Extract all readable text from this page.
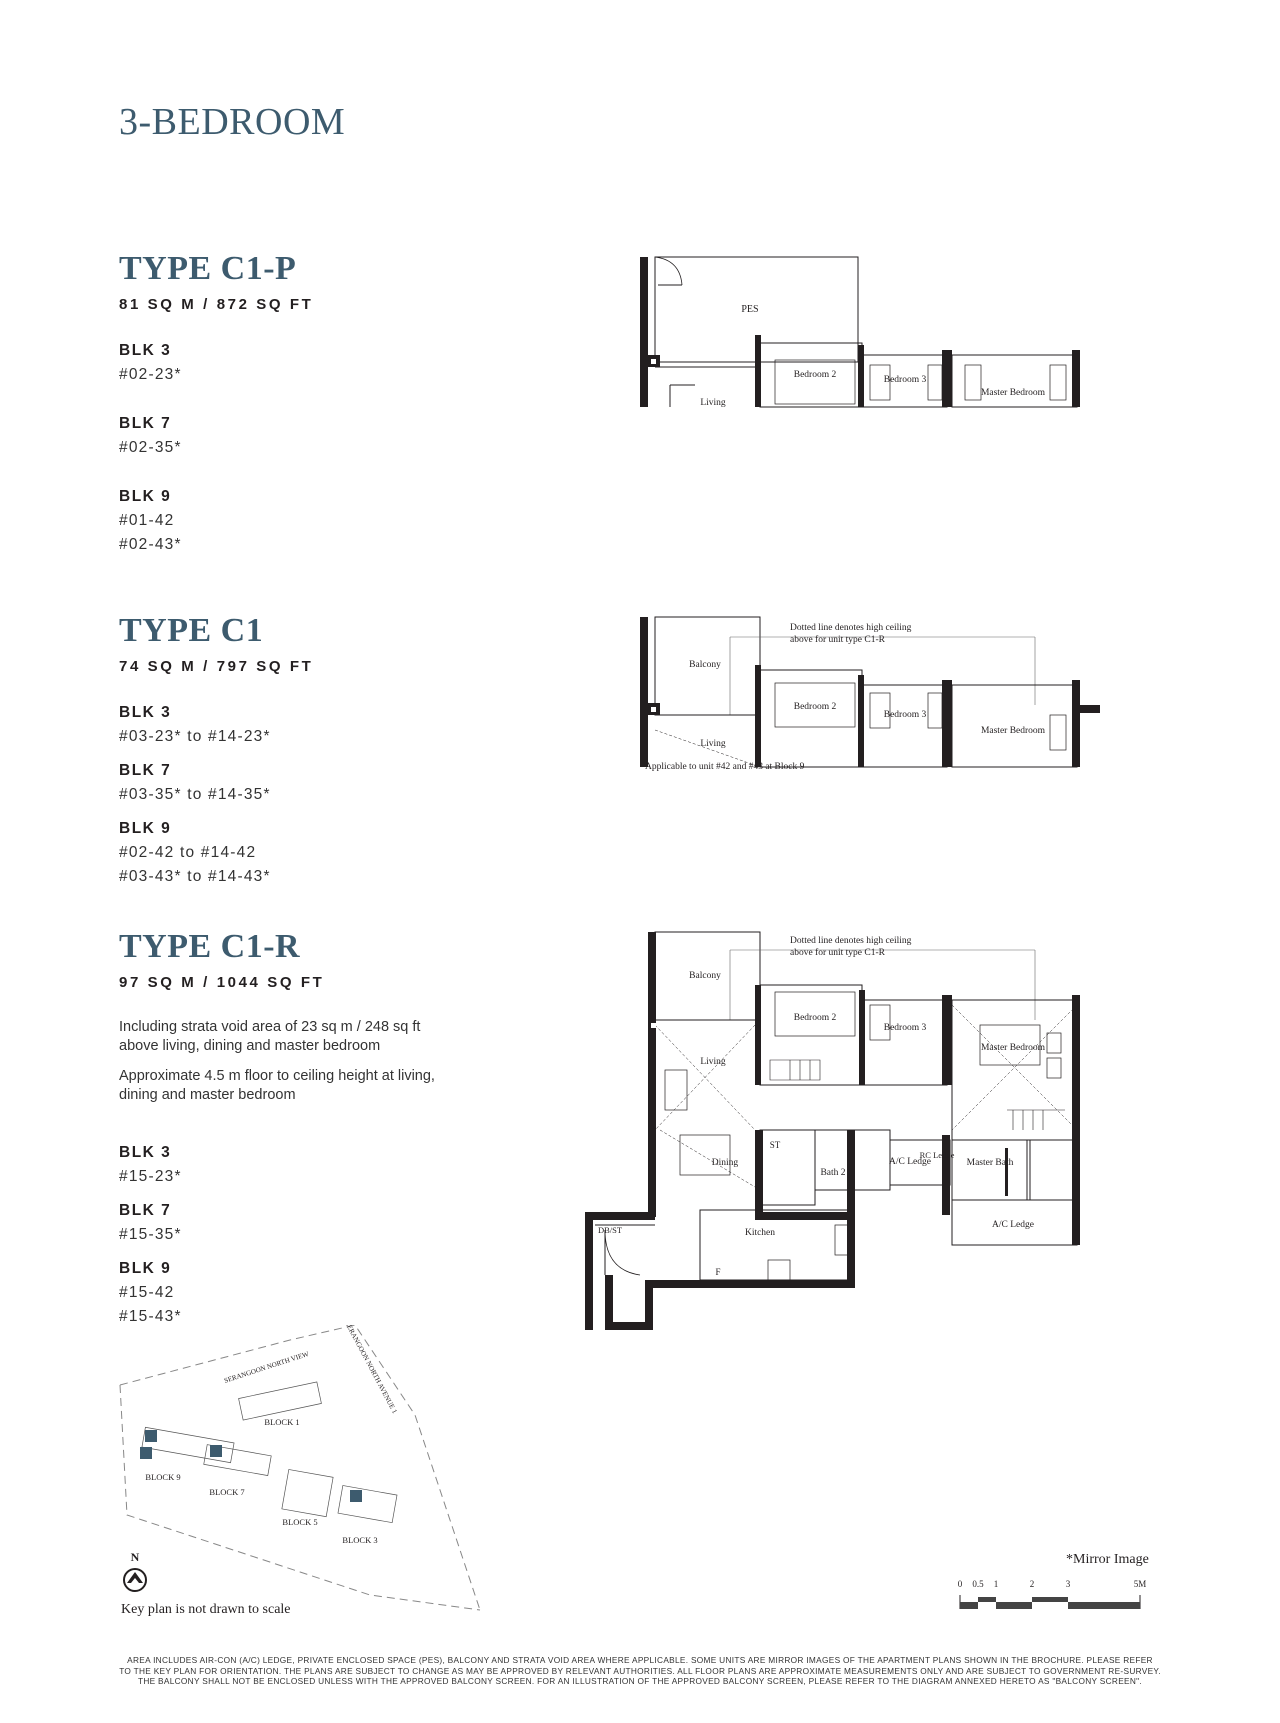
3-BEDROOM
TYPE C1-P
81 SQ M / 872 SQ FT
BLK 3
#02-23*
BLK 7
#02-35*
BLK 9
#01-42
#02-43*
TYPE C1
74 SQ M / 797 SQ FT
BLK 3
#03-23* to #14-23*
BLK 7
#03-35* to #14-35*
BLK 9
#02-42 to #14-42
#03-43* to #14-43*
TYPE C1-R
97 SQ M / 1044 SQ FT
Including strata void area of 23 sq m / 248 sq ft above living, dining and master bedroom
Approximate 4.5 m floor to ceiling height at living, dining and master bedroom
BLK 3
#15-23*
BLK 7
#15-35*
BLK 9
#15-42
#15-43*
PES
Bedroom 2	Bedroom 3
Master Bedroom
Living
Dotted line denotes high ceiling
above for unit type C1-R
Balcony
Bedroom 2
Bedroom 3
Master Bedroom
Living
Applicable to unit #42 and #43 at Block 9
Dotted line denotes high ceiling
above for unit type C1-R
Balcony
Bedroom 2
Bedroom 3
Master Bedroom
Living
Dining
ST
Bath 2
A/C Ledge
RC Ledge
Master Bath
A/C Ledge
Kitchen
DB/ST
F
SERANGOON NORTH VIEW	SERANGOON NORTH AVENUE 1
BLOCK 1
BLOCK 9
BLOCK 7
BLOCK 5
BLOCK 3
N
Key plan is not drawn to scale
*Mirror Image
0 0.5 1	2	3	5M
AREA INCLUDES AIR-CON (A/C) LEDGE, PRIVATE ENCLOSED SPACE (PES), BALCONY AND STRATA VOID AREA WHERE APPLICABLE. SOME UNITS ARE MIRROR IMAGES OF THE APARTMENT PLANS SHOWN IN THE BROCHURE. PLEASE REFER
TO THE KEY PLAN FOR ORIENTATION. THE PLANS ARE SUBJECT TO CHANGE AS MAY BE APPROVED BY RELEVANT AUTHORITIES. ALL FLOOR PLANS ARE APPROXIMATE MEASUREMENTS ONLY AND ARE SUBJECT TO GOVERNMENT RE-SURVEY.
THE BALCONY SHALL NOT BE ENCLOSED UNLESS WITH THE APPROVED BALCONY SCREEN. FOR AN ILLUSTRATION OF THE APPROVED BALCONY SCREEN, PLEASE REFER TO THE DIAGRAM ANNEXED HERETO AS "BALCONY SCREEN".
